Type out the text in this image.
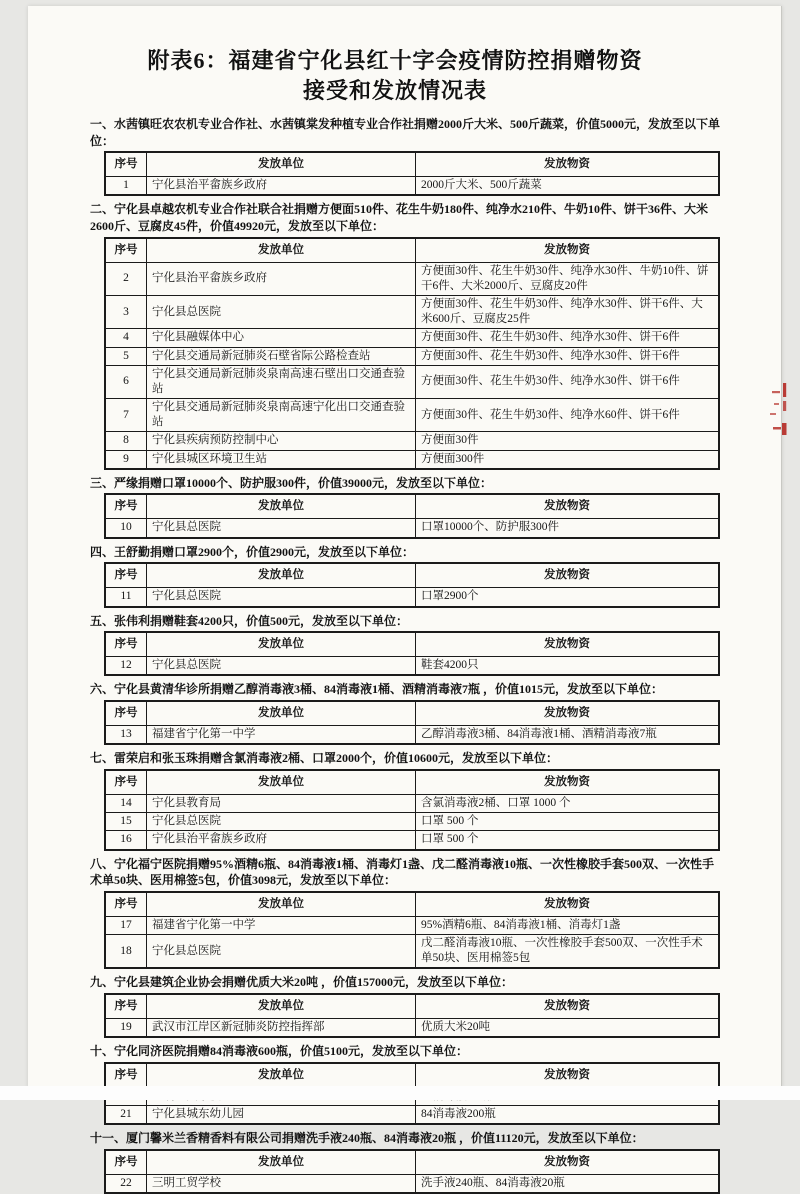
附表6：福建省宁化县红十字会疫情防控捐赠物资
接受和发放情况表
一、水茜镇旺农农机专业合作社、水茜镇棠发种植专业合作社捐赠2000斤大米、500斤蔬菜，价值5000元，发放至以下单位：
序号	发放单位	发放物资
1	宁化县治平畲族乡政府	2000斤大米、500斤蔬菜
二、宁化县卓越农机专业合作社联合社捐赠方便面510件、花生牛奶180件、纯净水210件、牛奶10件、饼干36件、大米2600斤、豆腐皮45件，价值49920元，发放至以下单位：
序号	发放单位	发放物资
2	宁化县治平畲族乡政府	方便面30件、花生牛奶30件、纯净水30件、牛奶10件、饼干6件、大米2000斤、豆腐皮20件
3	宁化县总医院	方便面30件、花生牛奶30件、纯净水30件、饼干6件、大米600斤、豆腐皮25件
4	宁化县融媒体中心	方便面30件、花生牛奶30件、纯净水30件、饼干6件
5	宁化县交通局新冠肺炎石壁省际公路检查站	方便面30件、花生牛奶30件、纯净水30件、饼干6件
6	宁化县交通局新冠肺炎泉南高速石壁出口交通查验站	方便面30件、花生牛奶30件、纯净水30件、饼干6件
7	宁化县交通局新冠肺炎泉南高速宁化出口交通查验站	方便面30件、花生牛奶30件、纯净水60件、饼干6件
8	宁化县疾病预防控制中心	方便面30件
9	宁化县城区环境卫生站	方便面300件
三、严缘捐赠口罩10000个、防护服300件，价值39000元，发放至以下单位：
序号	发放单位	发放物资
10	宁化县总医院	口罩10000个、防护服300件
四、王舒勤捐赠口罩2900个，价值2900元，发放至以下单位：
序号	发放单位	发放物资
11	宁化县总医院	口罩2900个
五、张伟利捐赠鞋套4200只，价值500元，发放至以下单位：
序号	发放单位	发放物资
12	宁化县总医院	鞋套4200只
六、宁化县黄清华诊所捐赠乙醇消毒液3桶、84消毒液1桶、酒精消毒液7瓶 ，价值1015元，发放至以下单位：
序号	发放单位	发放物资
13	福建省宁化第一中学	乙醇消毒液3桶、84消毒液1桶、酒精消毒液7瓶
七、雷荣启和张玉珠捐赠含氯消毒液2桶、口罩2000个，价值10600元，发放至以下单位：
序号	发放单位	发放物资
14	宁化县教育局	含氯消毒液2桶、口罩 1000 个
15	宁化县总医院	口罩 500 个
16	宁化县治平畲族乡政府	口罩 500 个
八、宁化福宁医院捐赠95%酒精6瓶、84消毒液1桶、消毒灯1盏、戊二醛消毒液10瓶、一次性橡胶手套500双、一次性手术单50块、医用棉签5包，价值3098元，发放至以下单位：
序号	发放单位	发放物资
17	福建省宁化第一中学	95%酒精6瓶、84消毒液1桶、消毒灯1盏
18	宁化县总医院	戊二醛消毒液10瓶、一次性橡胶手套500双、一次性手术单50块、医用棉签5包
九、宁化县建筑企业协会捐赠优质大米20吨 ，价值157000元，发放至以下单位：
序号	发放单位	发放物资
19	武汉市江岸区新冠肺炎防控指挥部	优质大米20吨
十、宁化同济医院捐赠84消毒液600瓶，价值5100元，发放至以下单位：
序号	发放单位	发放物资

21	宁化县城东幼儿园	84消毒液200瓶
十一、厦门馨米兰香精香料有限公司捐赠洗手液240瓶、84消毒液20瓶 ，价值11120元，发放至以下单位：
序号	发放单位	发放物资
22	三明工贸学校	洗手液240瓶、84消毒液20瓶
